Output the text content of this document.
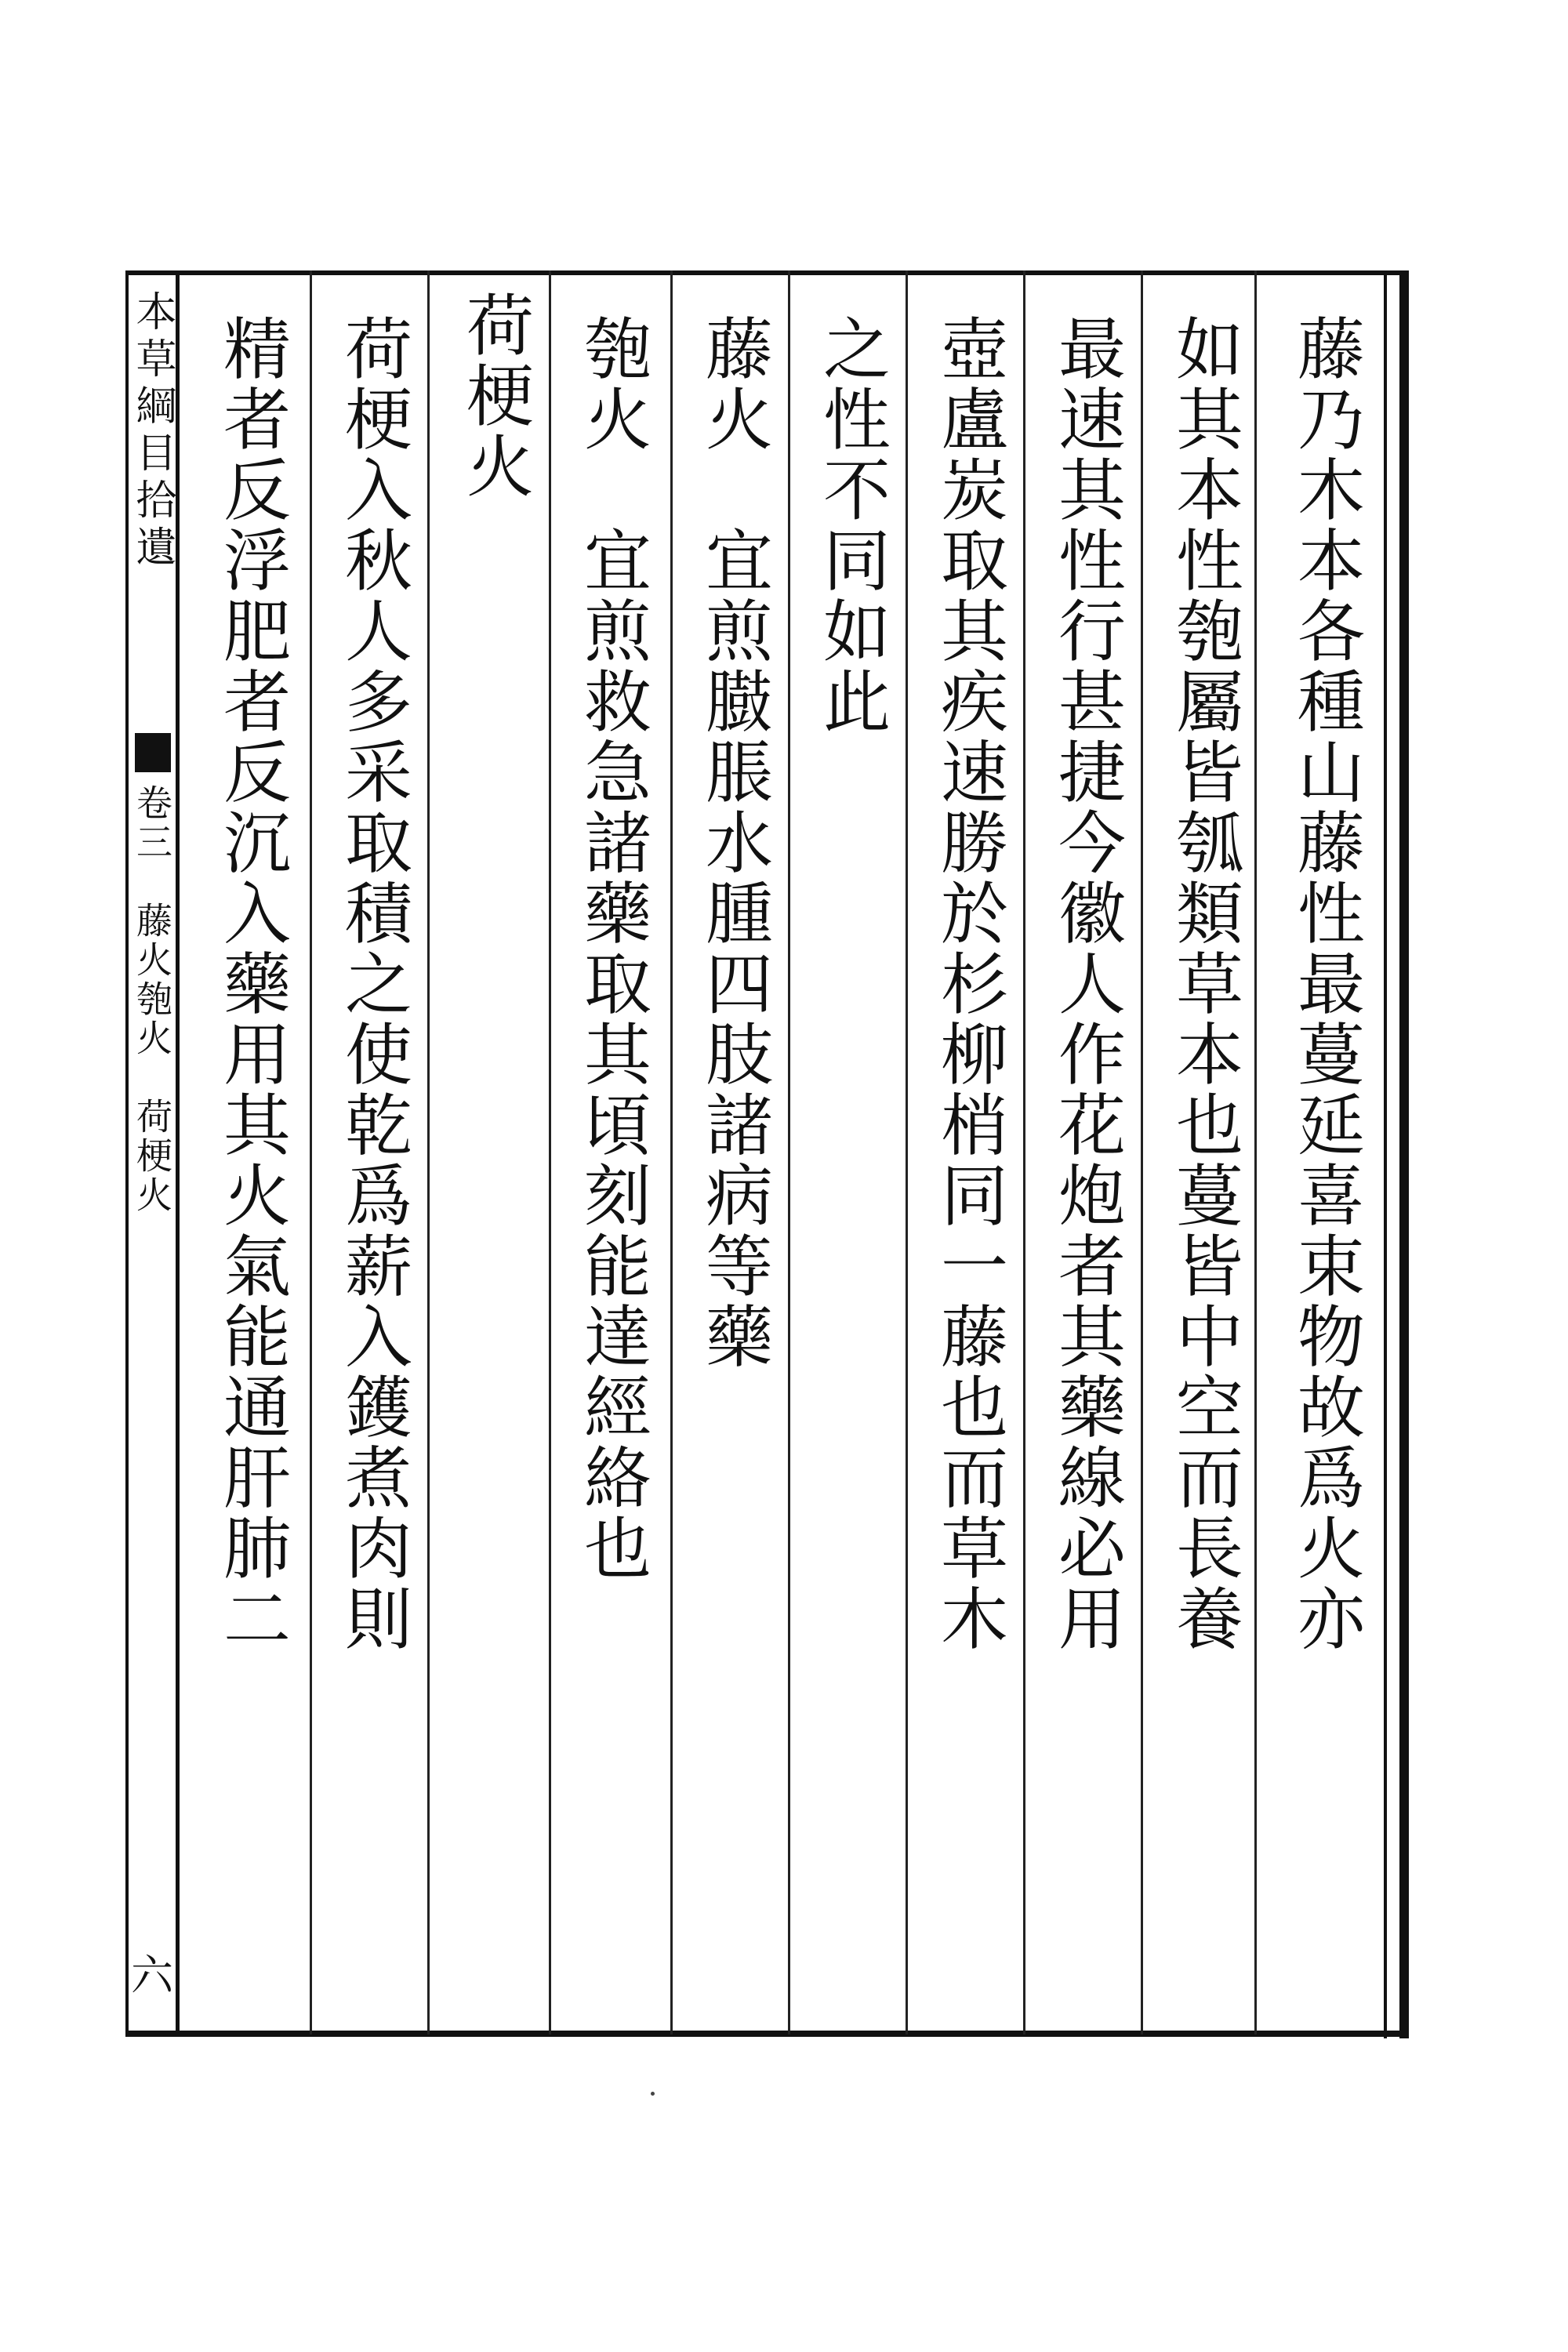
藤乃木本各種山藤性最蔓延喜束物故爲火亦
如其本性匏屬皆瓠類草本也蔓皆中空而長養
最速其性行甚捷今徽人作花炮者其藥線必用
壺盧炭取其疾速勝於杉柳梢同一藤也而草木
之性不同如此
藤火　宜煎臌脹水腫四肢諸病等藥
匏火　宜煎救急諸藥取其頃刻能達經絡也
荷梗火
荷梗入秋人多采取積之使乾爲薪入鑊煮肉則
精者反浮肥者反沉入藥用其火氣能通肝肺二
本草綱目拾遺
卷三　藤火匏火　荷梗火
六
